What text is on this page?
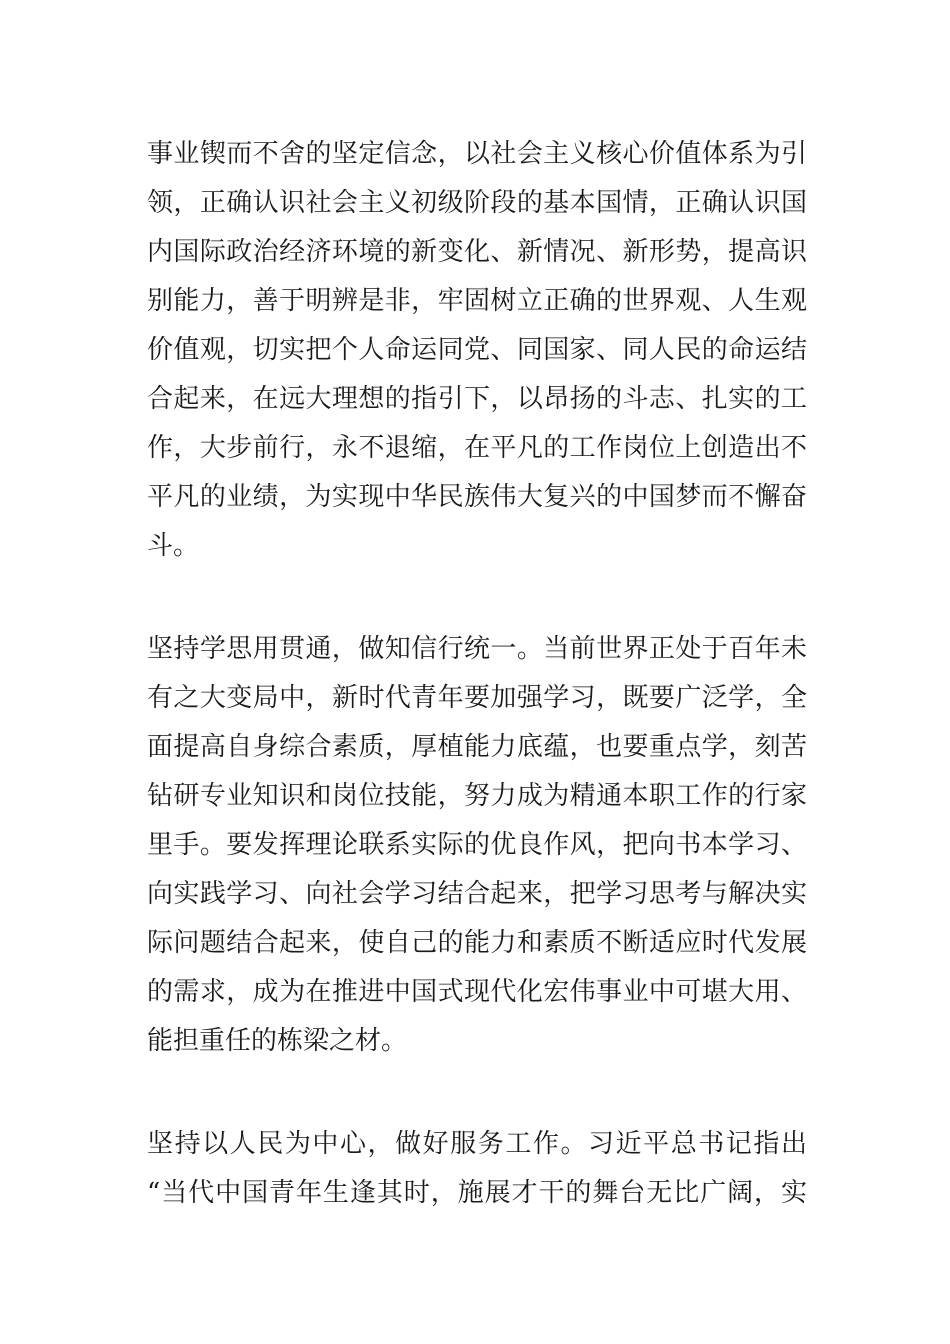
事业锲而不舍的坚定信念，以社会主义核心价值体系为引
领，正确认识社会主义初级阶段的基本国情，正确认识国
内国际政治经济环境的新变化、新情况、新形势，提高识
别能力，善于明辨是非，牢固树立正确的世界观、人生观
价值观，切实把个人命运同党、同国家、同人民的命运结
合起来，在远大理想的指引下，以昂扬的斗志、扎实的工
作，大步前行，永不退缩，在平凡的工作岗位上创造出不
平凡的业绩，为实现中华民族伟大复兴的中国梦而不懈奋
斗。
坚持学思用贯通，做知信行统一。当前世界正处于百年未
有之大变局中，新时代青年要加强学习，既要广泛学，全
面提高自身综合素质，厚植能力底蕴，也要重点学，刻苦
钻研专业知识和岗位技能，努力成为精通本职工作的行家
里手。要发挥理论联系实际的优良作风，把向书本学习、
向实践学习、向社会学习结合起来，把学习思考与解决实
际问题结合起来，使自己的能力和素质不断适应时代发展
的需求，成为在推进中国式现代化宏伟事业中可堪大用、
能担重任的栋梁之材。
坚持以人民为中心，做好服务工作。习近平总书记指出
“当代中国青年生逢其时，施展才干的舞台无比广阔，实
